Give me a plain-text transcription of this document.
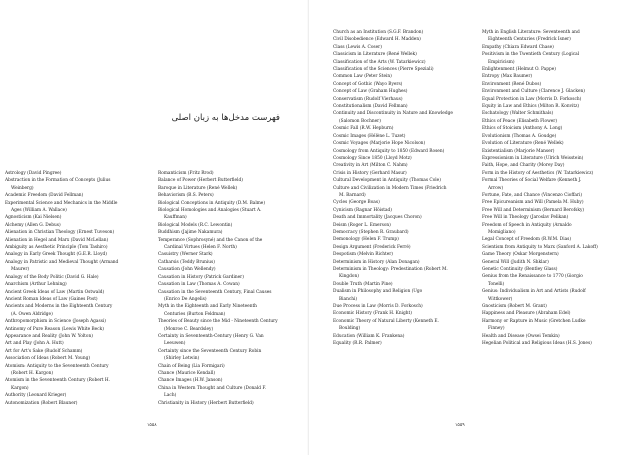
فهرست مدخل‌ها به زبان اصلی
Astrology (David Pingree)
Abstraction in the Formation of Concepts (Julius
Weinberg)
Academic Freedom (David Fellman)
Experimental Science and Mechanics in the Middle
Ages (William A. Wallace)
Agnosticism (Kai Nielsen)
Alchemy (Allen G. Debus)
Alienation in Christian Theology (Ernest Tuveson)
Alienation in Hegel and Marx (David McLellan)
Ambiguity as Aesthetic Principle (Tom Tashiro)
Analogy in Early Greek Thought (G.E.R. Lloyd)
Analogy in Patristic and Medieval Thought (Armand
Maurer)
Analogy of the Body Politic (David G. Hale)
Anarchism (Arthur Lehning)
Ancient Greek Ideas of Law (Martin Ostwald)
Ancient Roman Ideas of Law (Gaines Post)
Ancients and Moderns in the Eighteenth Century
(A. Owen Aldridge)
Anthropomorphism in Science (Joseph Agassi)
Antinomy of Pure Reason (Lewis White Beck)
Appearance and Reality (John W. Yolton)
Art and Play (John A. Hutt)
Art for Art's Sake (Rudolf Schamm)
Association of Ideas (Robert M. Young)
Atomism: Antiquity to the Seventeenth Century
(Robert H. Kargon)
Atomism in the Seventeenth Century (Robert H.
Kargon)
Authority (Leonard Krieger)
Autonomization (Robert Blauner)
Romanticism (Fritz Rrod)
Balance of Power (Herbert Butterfield)
Baroque in Literature (René Wellek)
Behaviorism (B.S. Peters)
Biological Conceptions in Antiquity (D.M. Balme)
Biological Homologies and Analogies (Stuart A.
Kauffman)
Biological Models (R.C. Lewontin)
Buddhism (Jajime Nakamura)
Temperance (Sophrosyné) and the Canon of the
Cardinal Virtues (Helen F. North)
Casuistry (Werner Stark)
Catharsis (Teddy Brunius)
Causation (John Wellendy)
Causation in History (Patrick Gardiner)
Causation in Law (Thomas A. Cowan)
Causation in the Seventeenth Century, Final Causes
(Enrico De Angelis)
Myth in the Eighteenth and Early Nineteenth
Centuries (Burton Feldman)
Theories of Beauty since the Mid - Nineteenth Century
(Monroe C. Beardsley)
Certainty in Seventeenth-Century (Henry G. Van
Leeuwen)
Certainty since the Seventeenth Century Robin
(Shirley Letwin)
Chain of Being (Lia Formigari)
Chance (Maurice Kendall)
Chance Images (H.W. Janson)
China in Western Thought and Culture (Donald F.
Lach)
Christianity in History (Herbert Butterfield)
۱۵۵۸
Church as an Institution (S.G.F. Brandon)
Civil Disobedience (Edward H. Madden)
Class (Lewis A. Coser)
Classicism in Literature (René Wellek)
Classification of the Arts (W. Tatarkiewicz)
Classification of the Sciences (Pierre Speziali)
Common Law (Peter Stein)
Concept of Gothic (Wayo Byers)
Concept of Law (Graham Hughes)
Conservatism (Rudolf Vierhaus)
Constitutionalism (David Fellman)
Continuity and Discontinuity in Nature and Knowledge
(Salomon Bochner)
Cosmic Fall (R.W. Hepburn)
Cosmic Images (Hélène L. Tuzet)
Cosmic Voyages (Marjorie Hope Nicolson)
Cosmology from Antiquity to 1850 (Edward Rosen)
Cosmology Since 1850 (Lloyd Motz)
Creativity in Art (Milton C. Nahm)
Crisis in History (Gerhard Masur)
Cultural Development in Antiquity (Thomas Cole)
Culture and Civilization in Modern Times (Friedrich
M. Barnard)
Cycles (George Boas)
Cynicism (Ragnar Höistad)
Death and Immortality (Jacques Choron)
Deism (Roger L. Emerson)
Democracy (Stephen R. Graubard)
Demonology (Helen F. Trump)
Design Argument (Frederick Ferré)
Despotism (Melvin Richter)
Determinism in History (Alan Donagan)
Determinism in Theology: Predestination (Robert M.
Kingdon)
Double Truth (Martin Pine)
Dualism in Philosophy and Religion (Ugo
Bianchi)
Due Process in Law (Morris D. Forkosch)
Economic History (Frank H. Knight)
Economic Theory of Natural Liberty (Kenneth E.
Boulding)
Education (William K. Frankena)
Equality (R.R. Palmer)
Myth in English Literature: Seventeenth and
Eighteenth Centuries (Fredrick Isner)
Empathy (Chiara Edward Chase)
Positivism in the Twentieth Century (Logical
Empiricism)
Enlightenment (Helmut O. Pappe)
Entropy (Max Baumer)
Environment (René Dubos)
Environment and Culture (Clarence J. Glacken)
Equal Protection in Law (Morris D. Forkosch)
Equity in Law and Ethics (Milton R. Konvitz)
Eschatology (Walter Schmithals)
Ethics of Peace (Elisabeth Flower)
Ethics of Stoicism (Anthony A. Long)
Evolutionism (Thomas A. Goudge)
Evolution of Literature (René Wellek)
Existentialism (Marjorie Manser)
Expressionism in Literature (Ulrich Weisstein)
Faith, Hope, and Charity (Morey Day)
Form in the History of Aesthetics (W. Tatarkiewicz)
Formal Theories of Social Welfare (Kenneth J.
Arrow)
Fortune, Fate, and Chance (Vincenzo Cioffari)
Free Epicureanism and Will (Pamela M. Huby)
Free Will and Determinism (Bernard Berofsky)
Free Will in Theology (Jaroslav Pelikan)
Freedom of Speech in Antiquity (Arnaldo
Momigliano)
Legal Concept of Freedom (R.W.M. Dias)
Scientism from Antiquity to Marx (Sanford A. Lakoff)
Game Theory (Oskar Morgenstern)
General Will (Judith N. Shklar)
Genetic Continuity (Bentley Glass)
Genius from the Renaissance to 1770 (Giorgio
Tonelli)
Genius: Individualism in Art and Artists (Rudolf
Wittkower)
Gnosticism (Robert M. Grant)
Happiness and Pleasure (Abraham Edel)
Harmony or Rapture in Music (Gretchen Ludke
Finney)
Health and Disease (Owsei Temkin)
Hegelian Political and Religious Ideas (H.S. Jones)
۱۵۵۹
